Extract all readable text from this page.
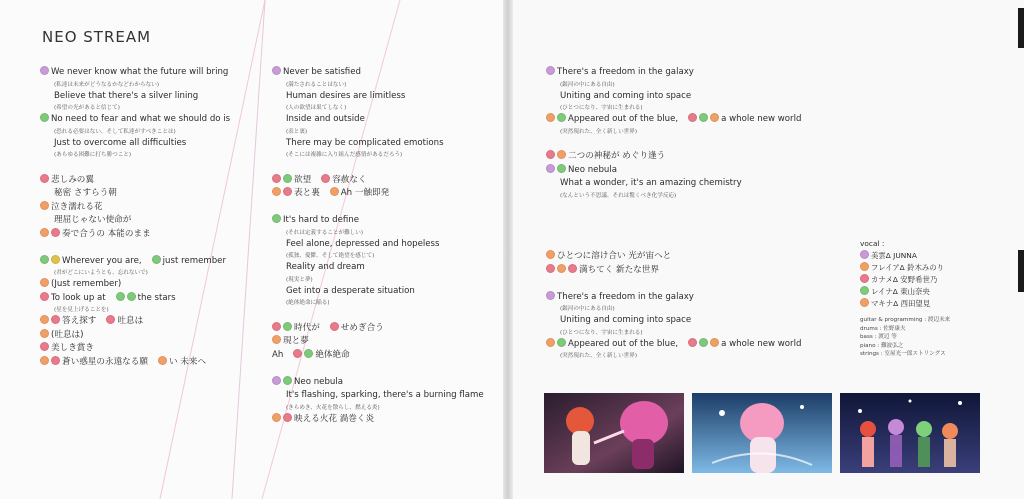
NEO STREAM
We never know what the future will bring
(私達は未来がどうなるかなどわからない)
Believe that there's a silver lining
(希望の光があると信じて)
No need to fear and what we should do is
(恐れる必要はない、そして私達がすべきことは)
Just to overcome all difficulties
(あらゆる困難に打ち勝つこと)
悲しみの翼
秘密 さすらう朝
泣き濡れる花
理屈じゃない使命が
奏で合うの 本能のまま
Wherever you are, just remember
(君がどこにいようとも、忘れないで)
(Just remember)
To look up at	the stars
(星を見上げることを)
答え探す 吐息は
(吐息は)
美しき賞き
蒼い惑星の永遠なる願 い 未来へ
Never be satisfied
(満たされることはない)
Human desires are limitless
(人の欲望は果てしなく)
Inside and outside
(表と裏)
There may be complicated emotions
(そこには複雑に入り組んだ感情があるだろう)
欲望 容赦なく
表と裏 Ah 一触即発
It's hard to define
(それは定義することが難しい)
Feel alone, depressed and hopeless
(孤独、憂鬱、そして絶望を感じて)
Reality and dream
(現実と夢)
Get into a desperate situation
(絶体絶命に陥る)
時代が せめぎ合う
現と夢
Ah	絶体絶命
Neo nebula
It's flashing, sparking, there's a burning flame
(きらめき、火花を散らし、燃える炎)
映える火花 渦巻く炎
There's a freedom in the galaxy
(銀河の中にある自由)
Uniting and coming into space
(ひとつになり、宇宙に生まれる)
Appeared out of the blue,	a whole new world
(突然現れた、全く新しい世界)
二つの神秘が めぐり逢う
Neo nebula
What a wonder, it's an amazing chemistry
(なんという不思議、それは驚くべき化学反応)
ひとつに溶け合い 光が宙へと
満ちてく 新たな世界
There's a freedom in the galaxy
(銀河の中にある自由)
Uniting and coming into space
(ひとつになり、宇宙に生まれる)
Appeared out of the blue,	a whole new world
(突然現れた、全く新しい世界)
vocal :
美雲Δ JUNNA
フレイアΔ 鈴木みのり
カナメΔ 安野希世乃
レイナΔ 東山奈央
マキナΔ 西田望見
guitar & programming : 渡辺未来
drums : 佐野康夫
bass : 渡辺 等
piano : 難波弘之
strings : 室屋光一郎ストリングス
